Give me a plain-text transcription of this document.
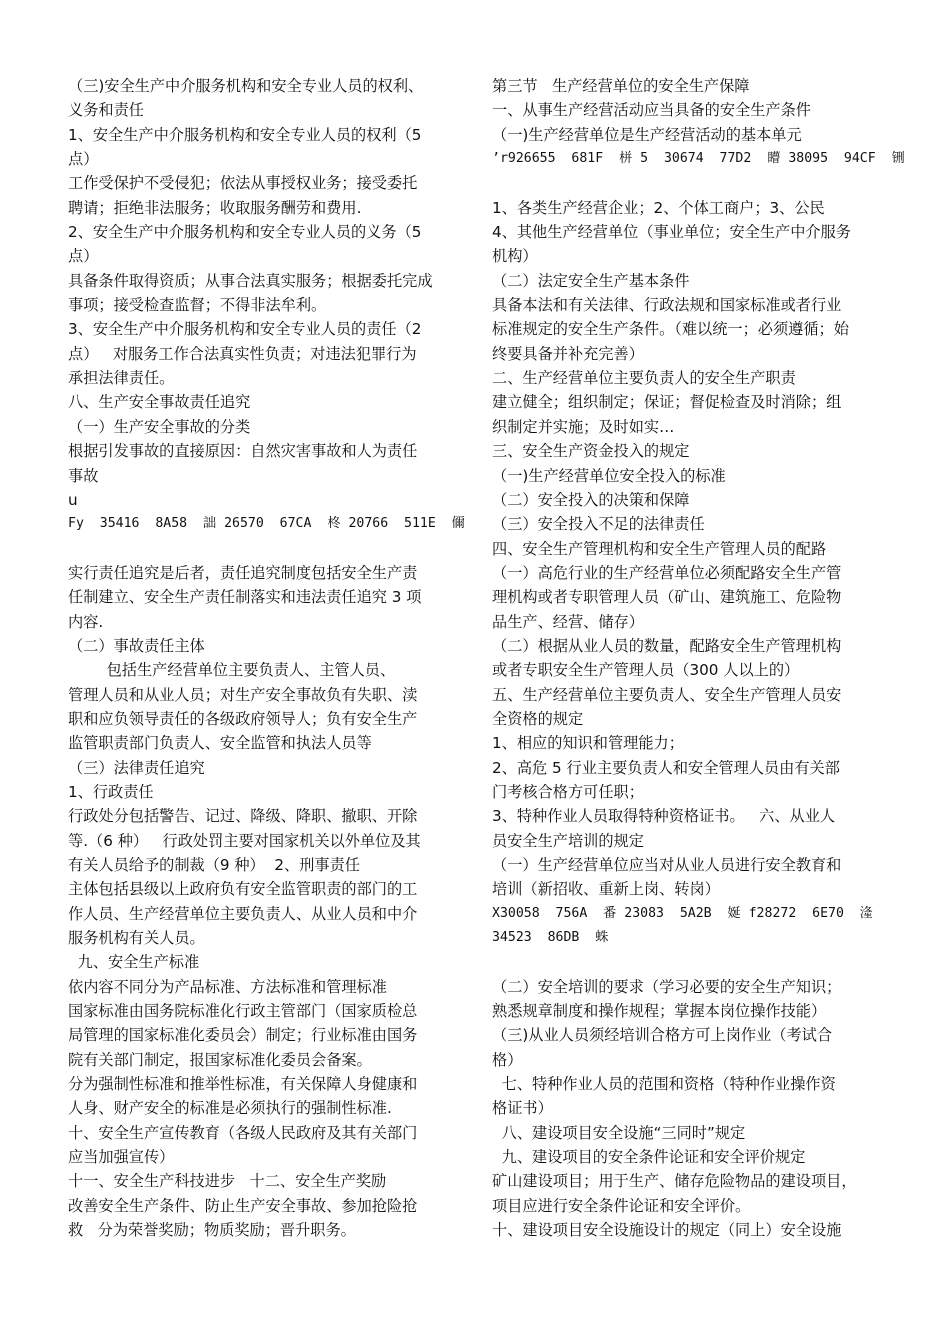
（三)安全生产中介服务机构和安全专业人员的权利、
义务和责任
1、安全生产中介服务机构和安全专业人员的权利（5
点）
工作受保护不受侵犯；依法从事授权业务；接受委托
聘请；拒绝非法服务；收取服务酬劳和费用.
2、安全生产中介服务机构和安全专业人员的义务（5
点）
具备条件取得资质；从事合法真实服务；根据委托完成
事项；接受检查监督；不得非法牟利。
3、安全生产中介服务机构和安全专业人员的责任（2
点）   对服务工作合法真实性负责；对违法犯罪行为
承担法律责任。
八、生产安全事故责任追究
（一）生产安全事故的分类
根据引发事故的直接原因：自然灾害事故和人为责任
事故
u
Fy  35416  8A58  詘 26570  67CA  柊 20766  511E  儞
实行责任追究是后者，责任追究制度包括安全生产责
任制建立、安全生产责任制落实和违法责任追究 3 项
内容.
（二）事故责任主体
包括生产经营单位主要负责人、主管人员、
管理人员和从业人员；对生产安全事故负有失职、渎
职和应负领导责任的各级政府领导人；负有安全生产
监管职责部门负责人、安全监管和执法人员等
（三）法律责任追究
1、行政责任
行政处分包括警告、记过、降级、降职、撤职、开除
等.（6 种）   行政处罚主要对国家机关以外单位及其
有关人员给予的制裁（9 种）  2、刑事责任
主体包括县级以上政府负有安全监管职责的部门的工
作人员、生产经营单位主要负责人、从业人员和中介
服务机构有关人员。
九、安全生产标准
依内容不同分为产品标准、方法标准和管理标准
国家标准由国务院标准化行政主管部门（国家质检总
局管理的国家标准化委员会）制定；行业标准由国务
院有关部门制定，报国家标准化委员会备案。
分为强制性标准和推举性标准，有关保障人身健康和
人身、财产安全的标准是必须执行的强制性标准.
十、安全生产宣传教育（各级人民政府及其有关部门
应当加强宣传）
十一、安全生产科技进步   十二、安全生产奖励
改善安全生产条件、防止生产安全事故、参加抢险抢
救   分为荣誉奖励；物质奖励；晋升职务。
第三节   生产经营单位的安全生产保障
一、从事生产经营活动应当具备的安全生产条件
（一)生产经营单位是生产经营活动的基本单元
’r926655  681F  栟 5  30674  77D2  矒 38095  94CF  铏
1、各类生产经营企业；2、个体工商户；3、公民
4、其他生产经营单位（事业单位；安全生产中介服务
机构）
（二）法定安全生产基本条件
具备本法和有关法律、行政法规和国家标准或者行业
标准规定的安全生产条件。（难以统一；必须遵循；始
终要具备并补充完善）
二、生产经营单位主要负责人的安全生产职责
建立健全；组织制定；保证；督促检查及时消除；组
织制定并实施；及时如实…
三、安全生产资金投入的规定
（一)生产经营单位安全投入的标准
（二）安全投入的决策和保障
（三）安全投入不足的法律责任
四、安全生产管理机构和安全生产管理人员的配路
（一）高危行业的生产经营单位必须配路安全生产管
理机构或者专职管理人员（矿山、建筑施工、危险物
品生产、经营、储存）
（二）根据从业人员的数量，配路安全生产管理机构
或者专职安全生产管理人员（300 人以上的）
五、生产经营单位主要负责人、安全生产管理人员安
全资格的规定
1、相应的知识和管理能力；
2、高危 5 行业主要负责人和安全管理人员由有关部
门考核合格方可任职；
3、特种作业人员取得特种资格证书。   六、从业人
员安全生产培训的规定
（一）生产经营单位应当对从业人员进行安全教育和
培训（新招收、重新上岗、转岗）
X30058  756A  番 23083  5A2B  娫 f28272  6E70  湰
34523  86DB  蛛
（二）安全培训的要求（学习必要的安全生产知识；
熟悉规章制度和操作规程；掌握本岗位操作技能）
（三)从业人员须经培训合格方可上岗作业（考试合
格）
七、特种作业人员的范围和资格（特种作业操作资
格证书）
八、建设项目安全设施“三同时”规定
九、建设项目的安全条件论证和安全评价规定
矿山建设项目；用于生产、储存危险物品的建设项目，
项目应进行安全条件论证和安全评价。
十、建设项目安全设施设计的规定（同上）安全设施
